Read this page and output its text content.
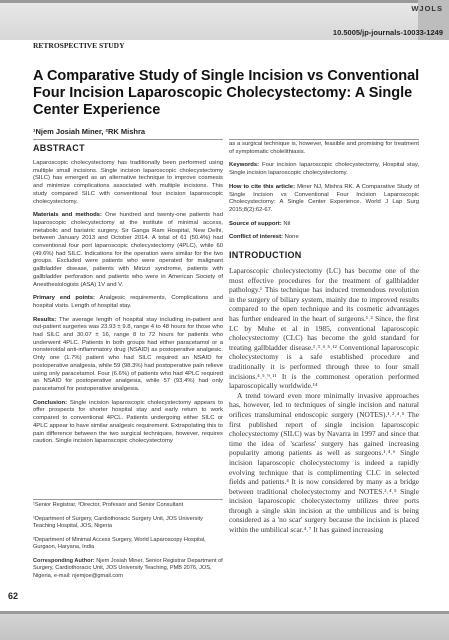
WJOLS
10.5005/jp-journals-10033-1249
RETROSPECTIVE STUDY
A Comparative Study of Single Incision vs Conventional Four Incision Laparoscopic Cholecystectomy: A Single Center Experience
¹Njem Josiah Miner, ²RK Mishra
ABSTRACT

Laparoscopic cholecystectomy has traditionally been performed using multiple small incisions. Single incision laparoscopic cholecystectomy (SILC) has emerged as an alternative technique to improve cosmesis and minimize complications associated with multiple incisions. This study compared SILC with conventional four incision laparoscopic cholecystectomy.

Materials and methods: One hundred and twenty-one patients had laparoscopic cholecystectomy at the institute of minimal access, metabolic and bariatric surgery, Sir Ganga Ram Hospital, New Delhi, between January 2013 and October 2014. A total of 61 (50.4%) had conventional four port laparoscopic cholecystectomy (4PLC), while 60 (49.6%) had SILC. Indications for the operation were similar for the two groups. Excluded were patients who were operated for malignant gallbladder disease, patients with Mirizzi syndrome, patients with gallbladder perforation and patients who were in American Society of Anesthesiologists (ASA) 1V and V.

Primary end points: Analgesic requirements, Complications and hospital visits. Length of hospital stay.

Results: The average length of hospital stay including in-patient and out-patient surgeries was 23.93 ± 9.8, range 4 to 48 hours for those who had SILC and 30.07 ± 16, range 8 to 72 hours for patients who underwent 4PLC. Patients in both groups had either paracetamol or a nonsteroidal anti-inflammatory drug (NSAID) as postoperative analgesic. Only one (1.7%) patient who had SILC required an NSAID for postoperative analgesia, while 59 (98.3%) had postoperative pain relieve using only paracetamol. Four (6.6%) of patients who had 4PLC required an NSAID for postoperative analgesia, while 57 (93.4%) had only paracetamol for postoperative analgesia.

Conclusion: Single incision laparoscopic cholecystectomy appears to offer prospects for shorter hospital stay and early return to work compared to conventional 4PCL. Patients undergoing either SILC or 4PLC appear to have similar analgesic requirement. Extrapolating this to pain difference between the two surgical techniques, however, requires caution. Single incision laparoscopic cholecystectomy

¹Senior Registrar, ²Director, Professor and Senior Consultant

¹Department of Surgery, Cardiothoracic Surgery Unit, JOS University Teaching Hospital, JOS, Nigeria

²Department of Minimal Access Surgery, World Laparoscopy Hospital, Gurgaon, Haryana, India

Corresponding Author: Njem Josiah Miner, Senior Registrar Department of Surgery, Cardiothoracic Unit, JOS University Teaching, PMB 2076, JOS, Nigeria, e-mail: njemjoe@gmail.com

as a surgical technique is, however, feasible and promising for treatment of symptomatic cholelithiasis.

Keywords: Four incision laparoscopic cholecystectomy, Hospital stay, Single incision laparoscopic cholecystectomy.

How to cite this article: Miner NJ, Mishra RK. A Comparative Study of Single Incision vs Conventional Four Incision Laparoscopic Cholecystectomy: A Single Center Experience. World J Lap Surg 2015;8(2):62-67.

Source of support: Nil

Conflict of interest: None

INTRODUCTION

Laparoscopic cholecystectomy (LC) has become one of the most effective procedures for the treatment of gallbladder pathology.¹ This technique has induced tremendous revolution in the surgery of biliary system, mainly due to improved results compared to the open technique and its cosmetic advantages has further endeared in the heart of surgeons.¹˒² Since, the first LC by Muhe et al in 1985, conventional laparoscopic cholecystectomy (CLC) has become the gold standard for treating gallbladder disease.¹˒³˒⁴˒⁵˒¹² Conventional laparoscopic cholecystectomy is a safe established procedure and traditionally it is performed through three to four small incisions.⁴˒⁵˒⁹˒¹¹ It is the commonest operation performed laparoscopically worldwide.¹⁴

A trend toward even more minimally invasive approaches has, however, led to techniques of single incision and natural orifices transluminal endoscopic surgery (NOTES).¹˒²˒⁴˒⁵ The first published report of single incision laparoscopic cholecystectomy (SILC) was by Navarra in 1997 and since that time the idea of 'scarless' surgery has gained increasing popularity among patients as well as surgeons.¹˒⁴˒⁶ Single incision laparoscopic cholecystectomy is indeed a rapidly evolving technique that is complimenting CLC in selected fields and patients.⁴ It is now considered by many as a bridge between traditional cholecystectomy and NOTES.²˒⁴˒⁵ Single incision laparoscopic cholecystectomy utilizes three ports through a single skin incision at the umbilicus and is being considered as a 'no scar' surgery because the incision is placed within the umbilical scar.⁴˒⁷ It has gained increasing

62
